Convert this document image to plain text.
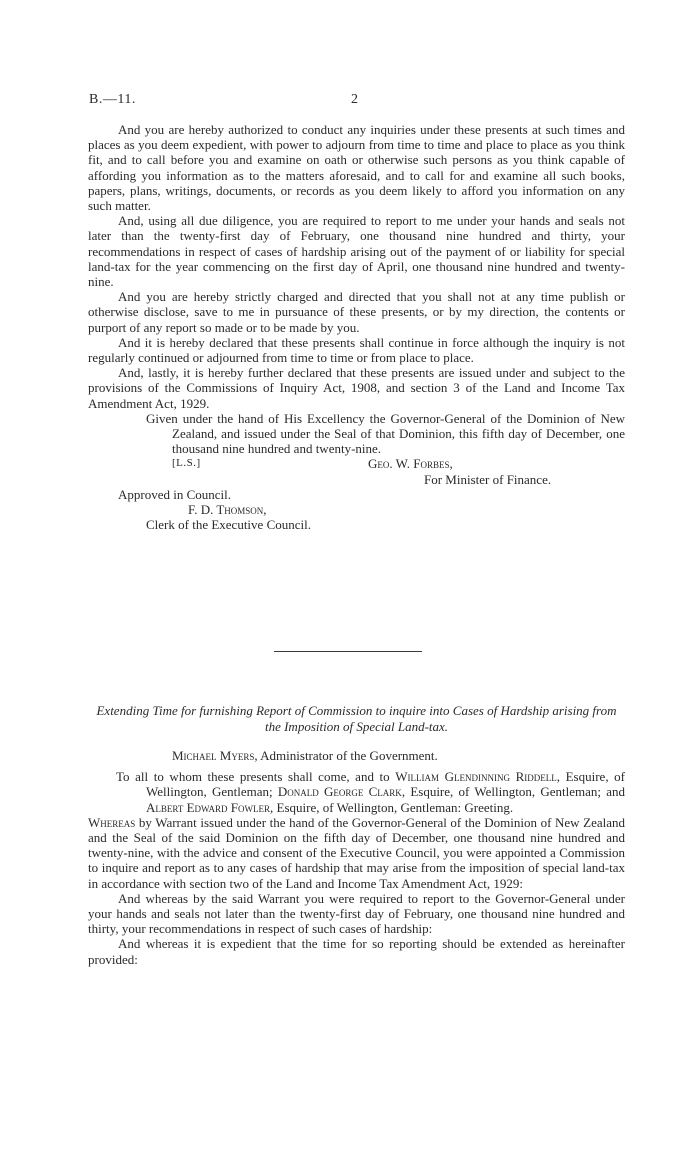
B.—11.	2

And you are hereby authorized to conduct any inquiries under these presents at such times and places as you deem expedient, with power to adjourn from time to time and place to place as you think fit, and to call before you and examine on oath or otherwise such persons as you think capable of affording you information as to the matters aforesaid, and to call for and examine all such books, papers, plans, writings, documents, or records as you deem likely to afford you information on any such matter.

And, using all due diligence, you are required to report to me under your hands and seals not later than the twenty-first day of February, one thousand nine hundred and thirty, your recommendations in respect of cases of hardship arising out of the payment of or liability for special land-tax for the year commencing on the first day of April, one thousand nine hundred and twenty-nine.

And you are hereby strictly charged and directed that you shall not at any time publish or otherwise disclose, save to me in pursuance of these presents, or by my direction, the contents or purport of any report so made or to be made by you.

And it is hereby declared that these presents shall continue in force although the inquiry is not regularly continued or adjourned from time to time or from place to place.

And, lastly, it is hereby further declared that these presents are issued under and subject to the provisions of the Commissions of Inquiry Act, 1908, and section 3 of the Land and Income Tax Amendment Act, 1929.

Given under the hand of His Excellency the Governor-General of the Dominion of New Zealand, and issued under the Seal of that Dominion, this fifth day of December, one thousand nine hundred and twenty-nine.

[L.S.]	Geo. W. Forbes,
For Minister of Finance.

Approved in Council.

F. D. Thomson,

Clerk of the Executive Council.

Extending Time for furnishing Report of Commission to inquire into Cases of Hardship arising from the Imposition of Special Land-tax.

Michael Myers, Administrator of the Government.

To all to whom these presents shall come, and to William Glendinning Riddell, Esquire, of Wellington, Gentleman; Donald George Clark, Esquire, of Wellington, Gentleman; and Albert Edward Fowler, Esquire, of Wellington, Gentleman: Greeting.

Whereas by Warrant issued under the hand of the Governor-General of the Dominion of New Zealand and the Seal of the said Dominion on the fifth day of December, one thousand nine hundred and twenty-nine, with the advice and consent of the Executive Council, you were appointed a Commission to inquire and report as to any cases of hardship that may arise from the imposition of special land-tax in accordance with section two of the Land and Income Tax Amendment Act, 1929:

And whereas by the said Warrant you were required to report to the Governor-General under your hands and seals not later than the twenty-first day of February, one thousand nine hundred and thirty, your recommendations in respect of such cases of hardship:

And whereas it is expedient that the time for so reporting should be extended as hereinafter provided:
